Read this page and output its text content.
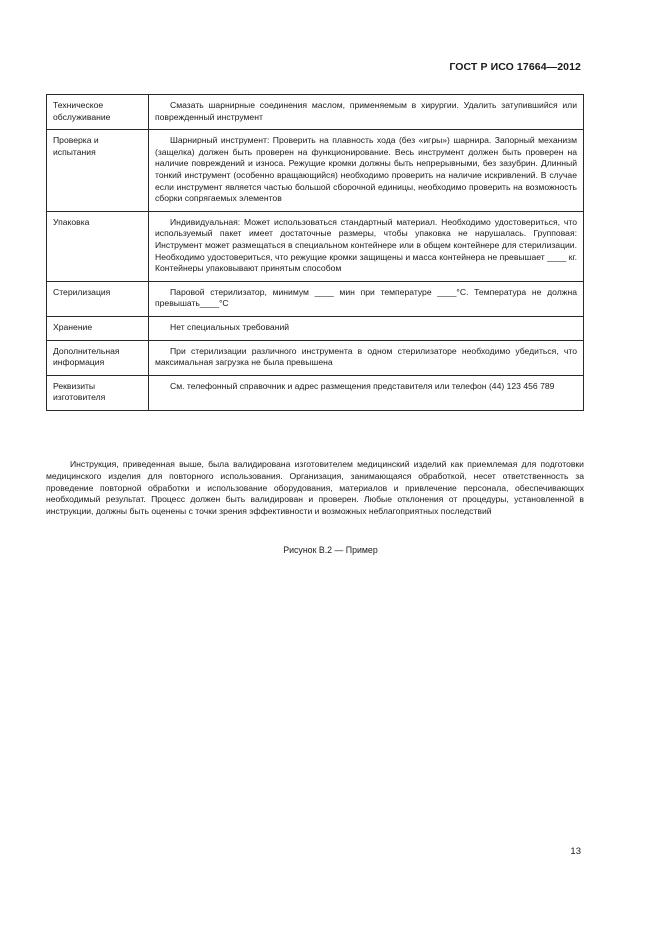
ГОСТ Р ИСО 17664—2012
Техническое обслуживание	Смазать шарнирные соединения маслом, применяемым в хирургии. Удалить затупившийся или поврежденный инструмент
Проверка и испытания	Шарнирный инструмент: Проверить на плавность хода (без «игры») шарнира. Запорный механизм (защелка) должен быть проверен на функционирование. Весь инструмент должен быть проверен на наличие повреждений и износа. Режущие кромки должны быть непрерывными, без зазубрин. Длинный тонкий инструмент (особенно вращающийся) необходимо проверить на наличие искривлений. В случае если инструмент является частью большой сборочной единицы, необходимо проверить на возможность сборки сопрягаемых элементов
Упаковка	Индивидуальная: Может использоваться стандартный материал. Необходимо удостовериться, что используемый пакет имеет достаточные размеры, чтобы упаковка не нарушалась. Групповая: Инструмент может размещаться в специальном контейнере или в общем контейнере для стерилизации. Необходимо удостовериться, что режущие кромки защищены и масса контейнера не превышает ____ кг. Контейнеры упаковывают принятым способом
Стерилизация	Паровой стерилизатор, минимум ____ мин при температуре ____°С. Температура не должна превышать____°С
Хранение	Нет специальных требований
Дополнительная информация	При стерилизации различного инструмента в одном стерилизаторе необходимо убедиться, что максимальная загрузка не была превышена
Реквизиты изготовителя	См. телефонный справочник и адрес размещения представителя или телефон (44) 123 456 789

Инструкция, приведенная выше, была валидирована изготовителем медицинский изделий как приемлемая для подготовки медицинского изделия для повторного использования. Организация, занимающаяся обработкой, несет ответственность за проведение повторной обработки и использование оборудования, материалов и привлечение персонала, обеспечивающих необходимый результат. Процесс должен быть валидирован и проверен. Любые отклонения от процедуры, установленной в инструкции, должны быть оценены с точки зрения эффективности и возможных неблагоприятных последствий

Рисунок В.2 — Пример
13
